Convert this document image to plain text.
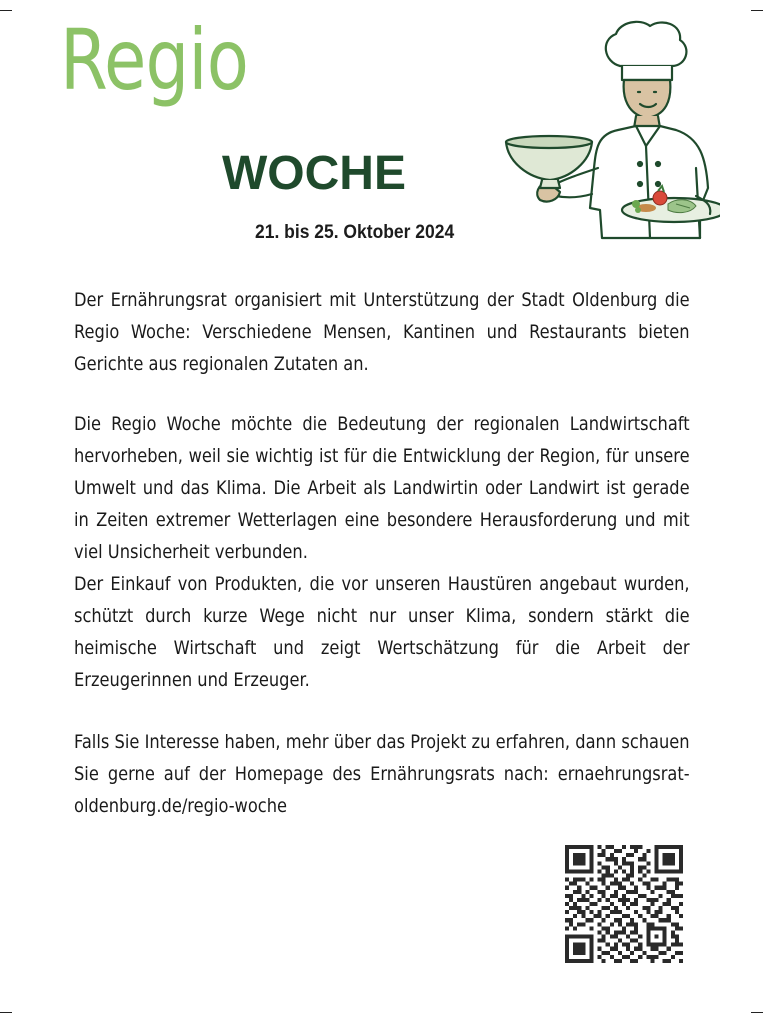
Regio
WOCHE
21. bis 25. Oktober 2024
Der Ernährungsrat organisiert mit Unterstützung der Stadt Oldenburg die Regio Woche: Verschiedene Mensen, Kantinen und Restaurants bieten Gerichte aus regionalen Zutaten an.
Die Regio Woche möchte die Bedeutung der regionalen Landwirtschaft hervorheben, weil sie wichtig ist für die Entwicklung der Region, für unsere Umwelt und das Klima. Die Arbeit als Landwirtin oder Landwirt ist gerade in Zeiten extremer Wetterlagen eine besondere Herausforderung und mit viel Unsicherheit verbunden.
Der Einkauf von Produkten, die vor unseren Haustüren angebaut wurden, schützt durch kurze Wege nicht nur unser Klima, sondern stärkt die heimische Wirtschaft und zeigt Wertschätzung für die Arbeit der Erzeugerinnen und Erzeuger.
Falls Sie Interesse haben, mehr über das Projekt zu erfahren, dann schauen Sie gerne auf der Homepage des Ernährungsrats nach: ernaehrungsrat-oldenburg.de/regio-woche
